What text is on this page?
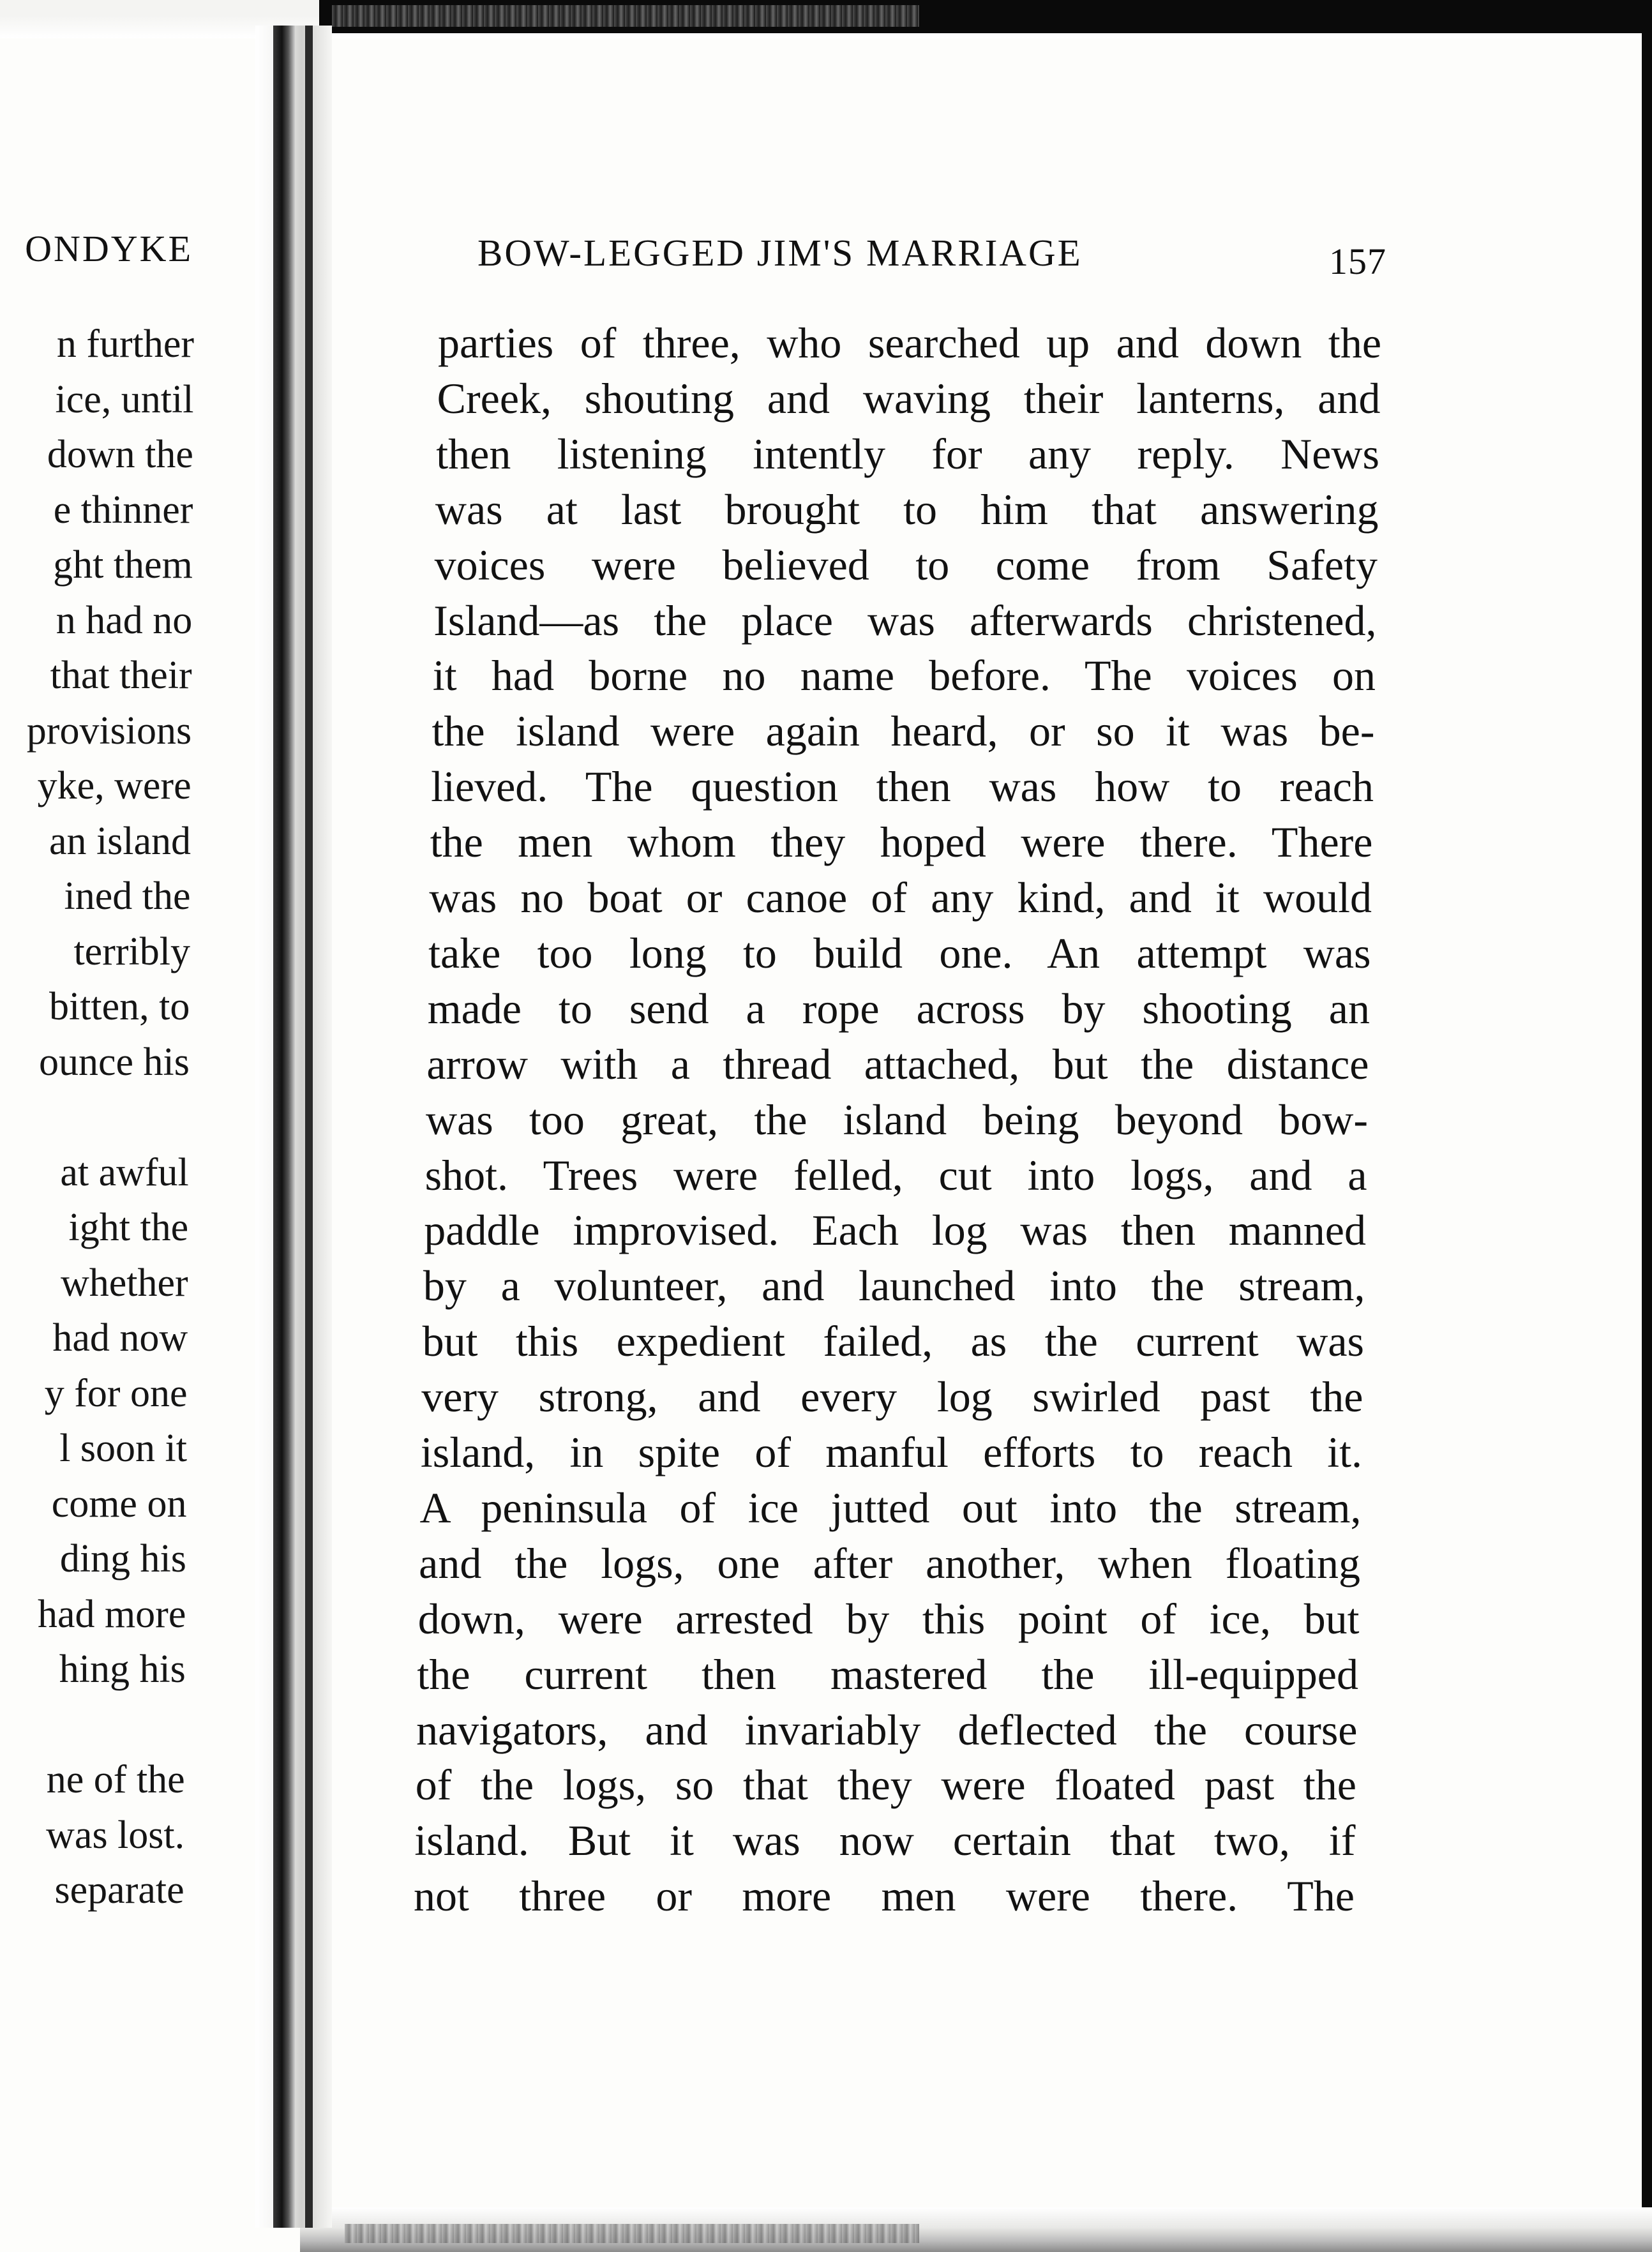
ONDYKE
n further
ice, until
down the
e thinner
ght them
n had no
that their
provisions
yke, were
an island
ined the
terribly
bitten, to
ounce his
at awful
ight the
whether
had now
y for one
l soon it
come on
ding his
had more
hing his
ne of the
was lost.
separate
BOW-LEGGED JIM'S MARRIAGE	157
parties of three, who searched up and down the
Creek, shouting and waving their lanterns, and
then listening intently for any reply. News
was at last brought to him that answering
voices were believed to come from Safety
Island—as the place was afterwards christened,
it had borne no name before. The voices on
the island were again heard, or so it was be-
lieved. The question then was how to reach
the men whom they hoped were there. There
was no boat or canoe of any kind, and it would
take too long to build one. An attempt was
made to send a rope across by shooting an
arrow with a thread attached, but the distance
was too great, the island being beyond bow-
shot. Trees were felled, cut into logs, and a
paddle improvised. Each log was then manned
by a volunteer, and launched into the stream,
but this expedient failed, as the current was
very strong, and every log swirled past the
island, in spite of manful efforts to reach it.
A peninsula of ice jutted out into the stream,
and the logs, one after another, when floating
down, were arrested by this point of ice, but
the current then mastered the ill-equipped
navigators, and invariably deflected the course
of the logs, so that they were floated past the
island. But it was now certain that two, if
not three or more men were there. The
